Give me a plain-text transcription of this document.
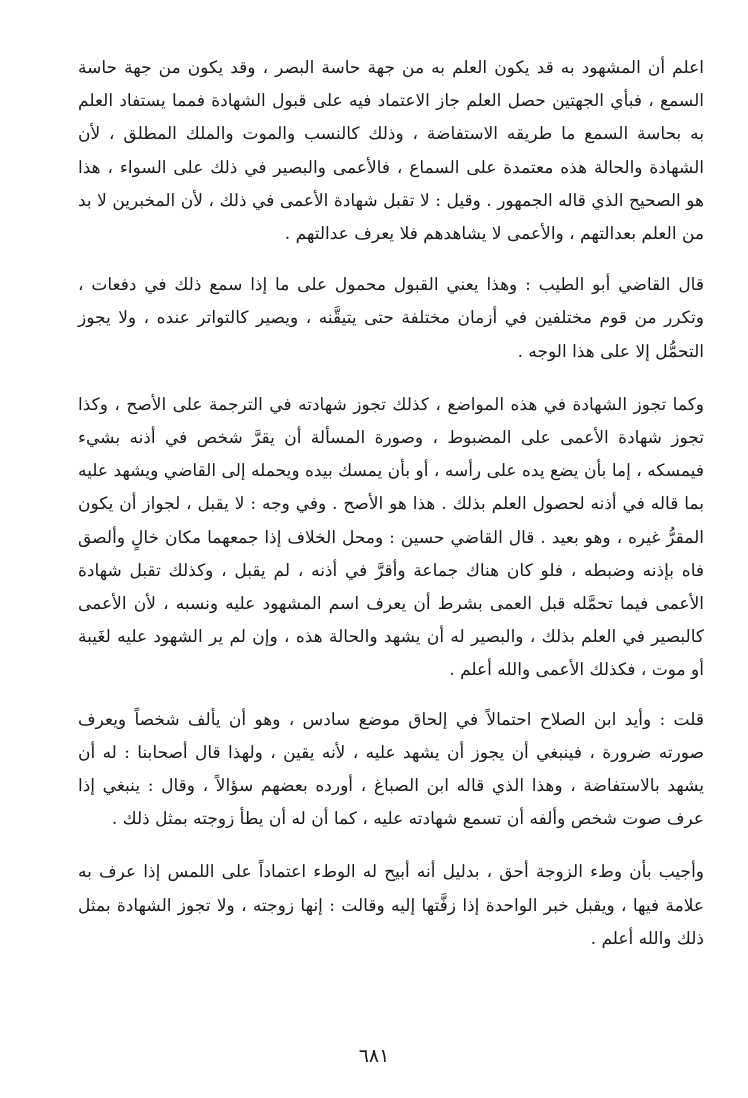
اعلم أن المشهود به قد يكون العلم به من جهة حاسة البصر ، وقد يكون من جهة حاسة السمع ، فبأي الجهتين حصل العلم جاز الاعتماد فيه على قبول الشهادة فمما يستفاد العلم به بحاسة السمع ما طريقه الاستفاضة ، وذلك كالنسب والموت والملك المطلق ، لأن الشهادة والحالة هذه معتمدة على السماع ، فالأعمى والبصير في ذلك على السواء ، هذا هو الصحيح الذي قاله الجمهور . وقيل : لا تقبل شهادة الأعمى في ذلك ، لأن المخبرين لا بد من العلم بعدالتهم ، والأعمى لا يشاهدهم فلا يعرف عدالتهم .

قال القاضي أبو الطيب : وهذا يعني القبول محمول على ما إذا سمع ذلك في دفعات ، وتكرر من قوم مختلفين في أزمان مختلفة حتى يتيقَّنه ، ويصير كالتواتر عنده ، ولا يجوز التحمُّل إلا على هذا الوجه .

وكما تجوز الشهادة في هذه المواضع ، كذلك تجوز شهادته في الترجمة على الأصح ، وكذا تجوز شهادة الأعمى على المضبوط ، وصورة المسألة أن يقرَّ شخص في أذنه بشيء فيمسكه ، إما بأن يضع يده على رأسه ، أو بأن يمسك بيده ويحمله إلى القاضي ويشهد عليه بما قاله في أذنه لحصول العلم بذلك . هذا هو الأصح . وفي وجه : لا يقبل ، لجواز أن يكون المقرُّ غيره ، وهو بعيد . قال القاضي حسين : ومحل الخلاف إذا جمعهما مكان خالٍ وألصق فاه بإذنه وضبطه ، فلو كان هناك جماعة وأقرَّ في أذنه ، لم يقبل ، وكذلك تقبل شهادة الأعمى فيما تحمَّله قبل العمى بشرط أن يعرف اسم المشهود عليه ونسبه ، لأن الأعمى كالبصير في العلم بذلك ، والبصير له أن يشهد والحالة هذه ، وإن لم ير الشهود عليه لغَيبة أو موت ، فكذلك الأعمى والله أعلم .

قلت : وأيد ابن الصلاح احتمالاً في إلحاق موضع سادس ، وهو أن يألف شخصاً ويعرف صورته ضرورة ، فينبغي أن يجوز أن يشهد عليه ، لأنه يقين ، ولهذا قال أصحابنا : له أن يشهد بالاستفاضة ، وهذا الذي قاله ابن الصباغ ، أورده بعضهم سؤالاً ، وقال : ينبغي إذا عرف صوت شخص وألفه أن تسمع شهادته عليه ، كما أن له أن يطأ زوجته بمثل ذلك .

وأجيب بأن وطء الزوجة أحق ، بدليل أنه أبيح له الوطء اعتماداً على اللمس إذا عرف به علامة فيها ، ويقبل خبر الواحدة إذا زفَّتها إليه وقالت : إنها زوجته ، ولا تجوز الشهادة بمثل ذلك والله أعلم .

٦٨١
